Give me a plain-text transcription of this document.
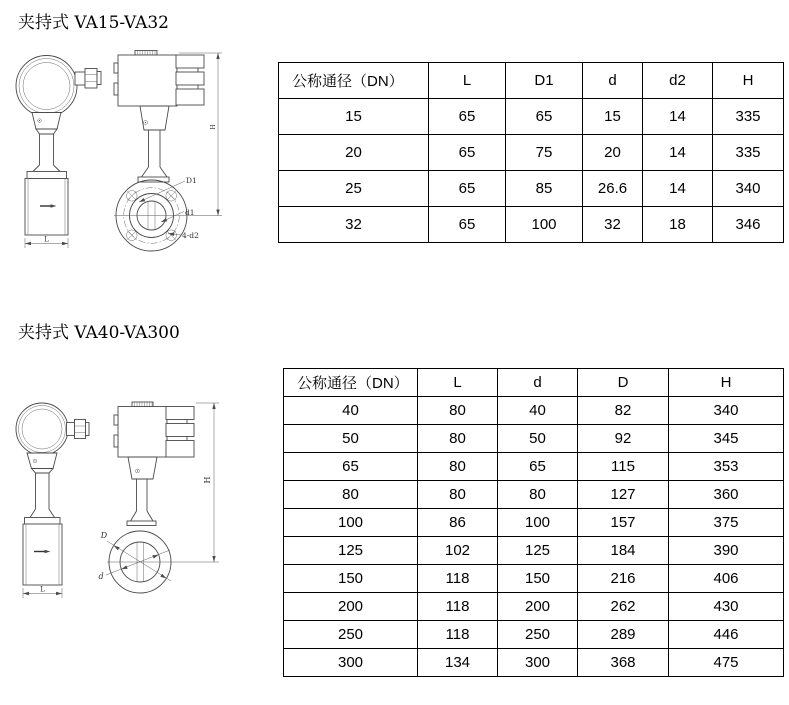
夹持式 VA15-VA32
L
H
D1
d1
4-d2
公称通径（DN）	L	D1	d	d2	H
15	65	65	15	14	335
20	65	75	20	14	335
25	65	85	26.6	14	340
32	65	100	32	18	346
夹持式 VA40-VA300
L
D
d
H
公称通径（DN）	L	d	D	H
40	80	40	82	340
50	80	50	92	345
65	80	65	115	353
80	80	80	127	360
100	86	100	157	375
125	102	125	184	390
150	118	150	216	406
200	118	200	262	430
250	118	250	289	446
300	134	300	368	475
